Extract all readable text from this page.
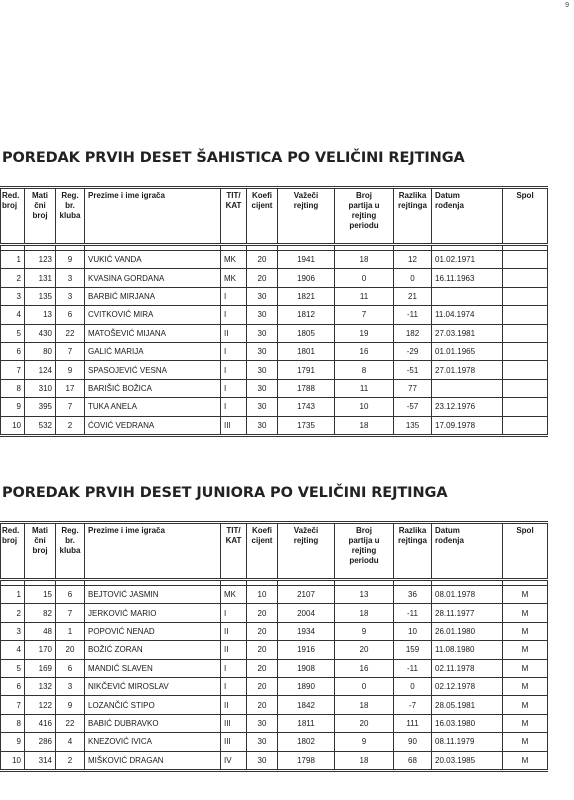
9
POREDAK PRVIH DESET ŠAHISTICA PO VELIČINI REJTINGA
Red.
broj	Mati
čni
broj	Reg.
br.
kluba	Prezime i ime igrača	TIT/
KAT	Koefi
cijent	Važeči
rejting	Broj
partija u
rejting
periodu	Razlika
rejtinga	Datum
rođenja	Spol

1	123	9	VUKIĆ VANDA	MK	20	1941	18	12	01.02.1971	
2	131	3	KVASINA GORDANA	MK	20	1906	0	0	16.11.1963	
3	135	3	BARBIĆ MIRJANA	I	30	1821	11	21		
4	13	6	CVITKOVIĆ MIRA	I	30	1812	7	-11	11.04.1974	
5	430	22	MATOŠEVIĆ MIJANA	II	30	1805	19	182	27.03.1981	
6	80	7	GALIĆ MARIJA	I	30	1801	16	-29	01.01.1965	
7	124	9	SPASOJEVIĆ VESNA	I	30	1791	8	-51	27.01.1978	
8	310	17	BARIŠIĆ BOŽICA	I	30	1788	11	77		
9	395	7	TUKA ANELA	I	30	1743	10	-57	23.12.1976	
10	532	2	ĆOVIĆ VEDRANA	III	30	1735	18	135	17.09.1978	
POREDAK PRVIH DESET JUNIORA PO VELIČINI REJTINGA
Red.
broj	Mati
čni
broj	Reg.
br.
kluba	Prezime i ime igrača	TIT/
KAT	Koefi
cijent	Važeči
rejting	Broj
partija u
rejting
periodu	Razlika
rejtinga	Datum
rođenja	Spol

1	15	6	BEJTOVIĆ JASMIN	MK	10	2107	13	36	08.01.1978	M
2	82	7	JERKOVIĆ MARIO	I	20	2004	18	-11	28.11.1977	M
3	48	1	POPOVIĆ NENAD	II	20	1934	9	10	26.01.1980	M
4	170	20	BOŽIĆ ZORAN	II	20	1916	20	159	11.08.1980	M
5	169	6	MANDIĆ SLAVEN	I	20	1908	16	-11	02.11.1978	M
6	132	3	NIKČEVIĆ MIROSLAV	I	20	1890	0	0	02.12.1978	M
7	122	9	LOZANČIĆ STIPO	II	20	1842	18	-7	28.05.1981	M
8	416	22	BABIĆ DUBRAVKO	III	30	1811	20	111	16.03.1980	M
9	286	4	KNEZOVIĆ IVICA	III	30	1802	9	90	08.11.1979	M
10	314	2	MIŠKOVIĆ DRAGAN	IV	30	1798	18	68	20.03.1985	M
